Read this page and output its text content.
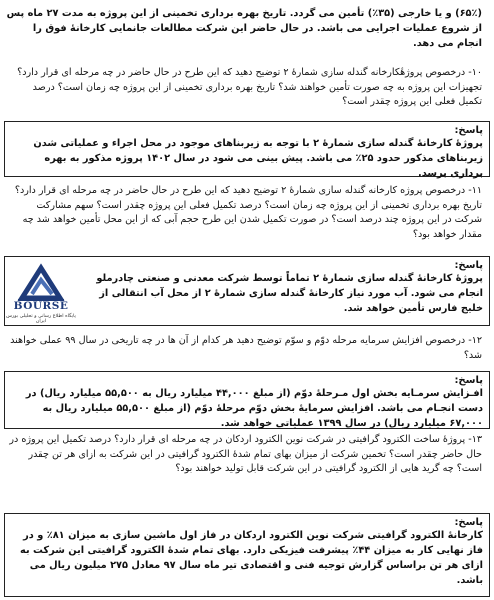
(۶۵٪) و یا خارجی (۳۵٪) تأمین می گردد. تاریخ بهره برداری تخمینی از این پروژه به مدت ۲۷ ماه پس از شروع عملیات اجرایی می باشد. در حال حاضر این شرکت مطالعات جانمایی کارخانهٔ فوق را انجام می دهد.
۱۰- درخصوص پروژهٔکارخانه گندله سازی شمارهٔ ۲ توضیح دهید که این طرح در حال حاضر در چه مرحله ای قرار دارد؟ تجهیزات این پروژه به چه صورت تأمین خواهند شد؟ تاریخ بهره برداری تخمینی از این پروژه چه زمان است؟ درصد تکمیل فعلی این پروژه چقدر است؟
پاسخ:
پروژهٔ کارخانهٔ گندله سازی شمارهٔ ۲ با توجه به زیربناهای موجود در محل اجراء و عملیاتی شدن زیربناهای مذکور حدود ۲۵٪ می باشد. پیش بینی می شود در سال ۱۴۰۲ پروژه مذکور به بهره برداری برسد.
۱۱- درخصوص پروژه کارخانه گندله سازی شمارهٔ ۲ توضیح دهید که این طرح در حال حاضر در چه مرحله ای قرار دارد؟ تاریخ بهره برداری تخمینی از این پروژه چه زمان است؟ درصد تکمیل فعلی این پروژه چقدر است؟ سهم مشارکت شرکت در این پروژه چند درصد است؟ در صورت تکمیل شدن این طرح حجم آبی که از این محل تأمین خواهد شد چه مقدار خواهد بود؟
پاسخ:
پروژهٔ کارخانهٔ گندله سازی شمارهٔ ۲ تماماً توسط شرکت معدنی و صنعتی چادرملو انجام می شود. آب مورد نیاز کارخانهٔ گندله سازی شمارهٔ ۲ از محل آب انتقالی از خلیج فارس تأمین خواهد شد.
BOURSE
پایگاه اطلاع رسانی و تحلیلی بورس ایران
۱۲- درخصوص افزایش سرمایه مرحله دوّم و سوّم توضیح دهید هر کدام از آن ها در چه تاریخی در سال ۹۹ عملی خواهند شد؟
پاسخ:
افـزایش سرمـایه بخش اول مـرحلهٔ دوّم (از مبلغ ۴۴,۰۰۰ میلیارد ریال به ۵۵,۵۰۰ میلیارد ریال) در دست انجـام می باشد. افزایش سرمایهٔ بخش دوّم مرحلهٔ دوّم (از مبلغ ۵۵,۵۰۰ میلیارد ریال به ۶۷,۰۰۰ میلیارد ریال) در سال ۱۳۹۹ عملیاتی خواهد شد.
۱۳- پروژهٔ ساخت الکترود گرافیتی در شرکت نوین الکترود اردکان در چه مرحله ای قرار دارد؟ درصد تکمیل این پروژه در حال حاضر چقدر است؟ تخمین شرکت از میزان بهای تمام شدهٔ الکترود گرافیتی در این شرکت به ازای هر تن چقدر است؟ چه گرید هایی از الکترود گرافیتی در این شرکت قابل تولید خواهند بود؟
پاسخ:
کارخانهٔ الکترود گرافیتی شرکت نوین الکترود اردکان در فاز اول ماشین سازی به میزان ۸۱٪ و در فاز نهایی کار به میزان ۴۴٪ پیشرفت فیزیکی دارد. بهای تمام شدهٔ الکترود گرافیتی این شرکت به ازای هر تن براساس گزارش توجیه فنی و اقتصادی تیر ماه سال ۹۷ معادل ۲۷۵ میلیون ریال می باشد.
